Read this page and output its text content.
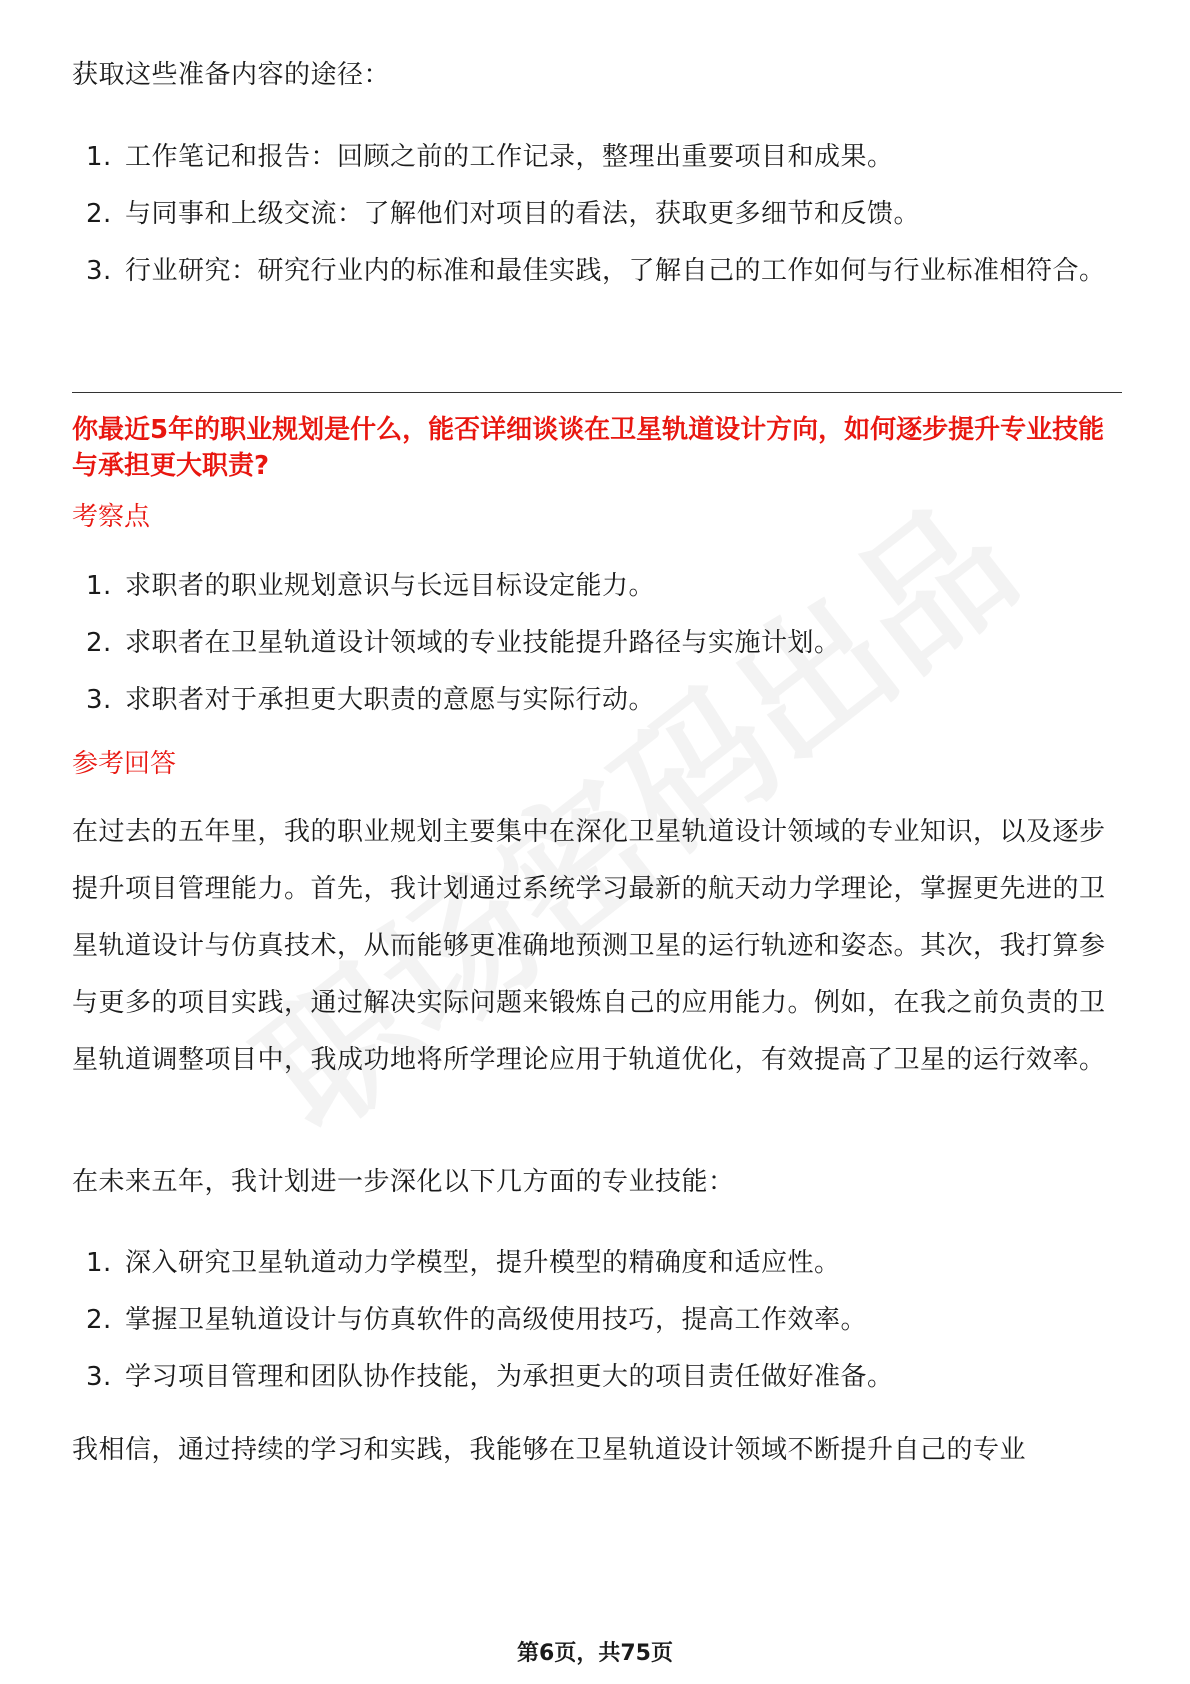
获取这些准备内容的途径：

1. 工作笔记和报告：回顾之前的工作记录，整理出重要项目和成果。
2. 与同事和上级交流：了解他们对项目的看法，获取更多细节和反馈。
3. 行业研究：研究行业内的标准和最佳实践，了解自己的工作如何与行业标准相符合。

你最近5年的职业规划是什么，能否详细谈谈在卫星轨道设计方向，如何逐步提升专业技能与承担更大职责?

考察点

1. 求职者的职业规划意识与长远目标设定能力。
2. 求职者在卫星轨道设计领域的专业技能提升路径与实施计划。
3. 求职者对于承担更大职责的意愿与实际行动。

参考回答

在过去的五年里，我的职业规划主要集中在深化卫星轨道设计领域的专业知识，以及逐步提升项目管理能力。首先，我计划通过系统学习最新的航天动力学理论，掌握更先进的卫星轨道设计与仿真技术，从而能够更准确地预测卫星的运行轨迹和姿态。其次，我打算参与更多的项目实践，通过解决实际问题来锻炼自己的应用能力。例如，在我之前负责的卫星轨道调整项目中，我成功地将所学理论应用于轨道优化，有效提高了卫星的运行效率。

在未来五年，我计划进一步深化以下几方面的专业技能：

1. 深入研究卫星轨道动力学模型，提升模型的精确度和适应性。
2. 掌握卫星轨道设计与仿真软件的高级使用技巧，提高工作效率。
3. 学习项目管理和团队协作技能，为承担更大的项目责任做好准备。

我相信，通过持续的学习和实践，我能够在卫星轨道设计领域不断提升自己的专业

第6页，共75页
